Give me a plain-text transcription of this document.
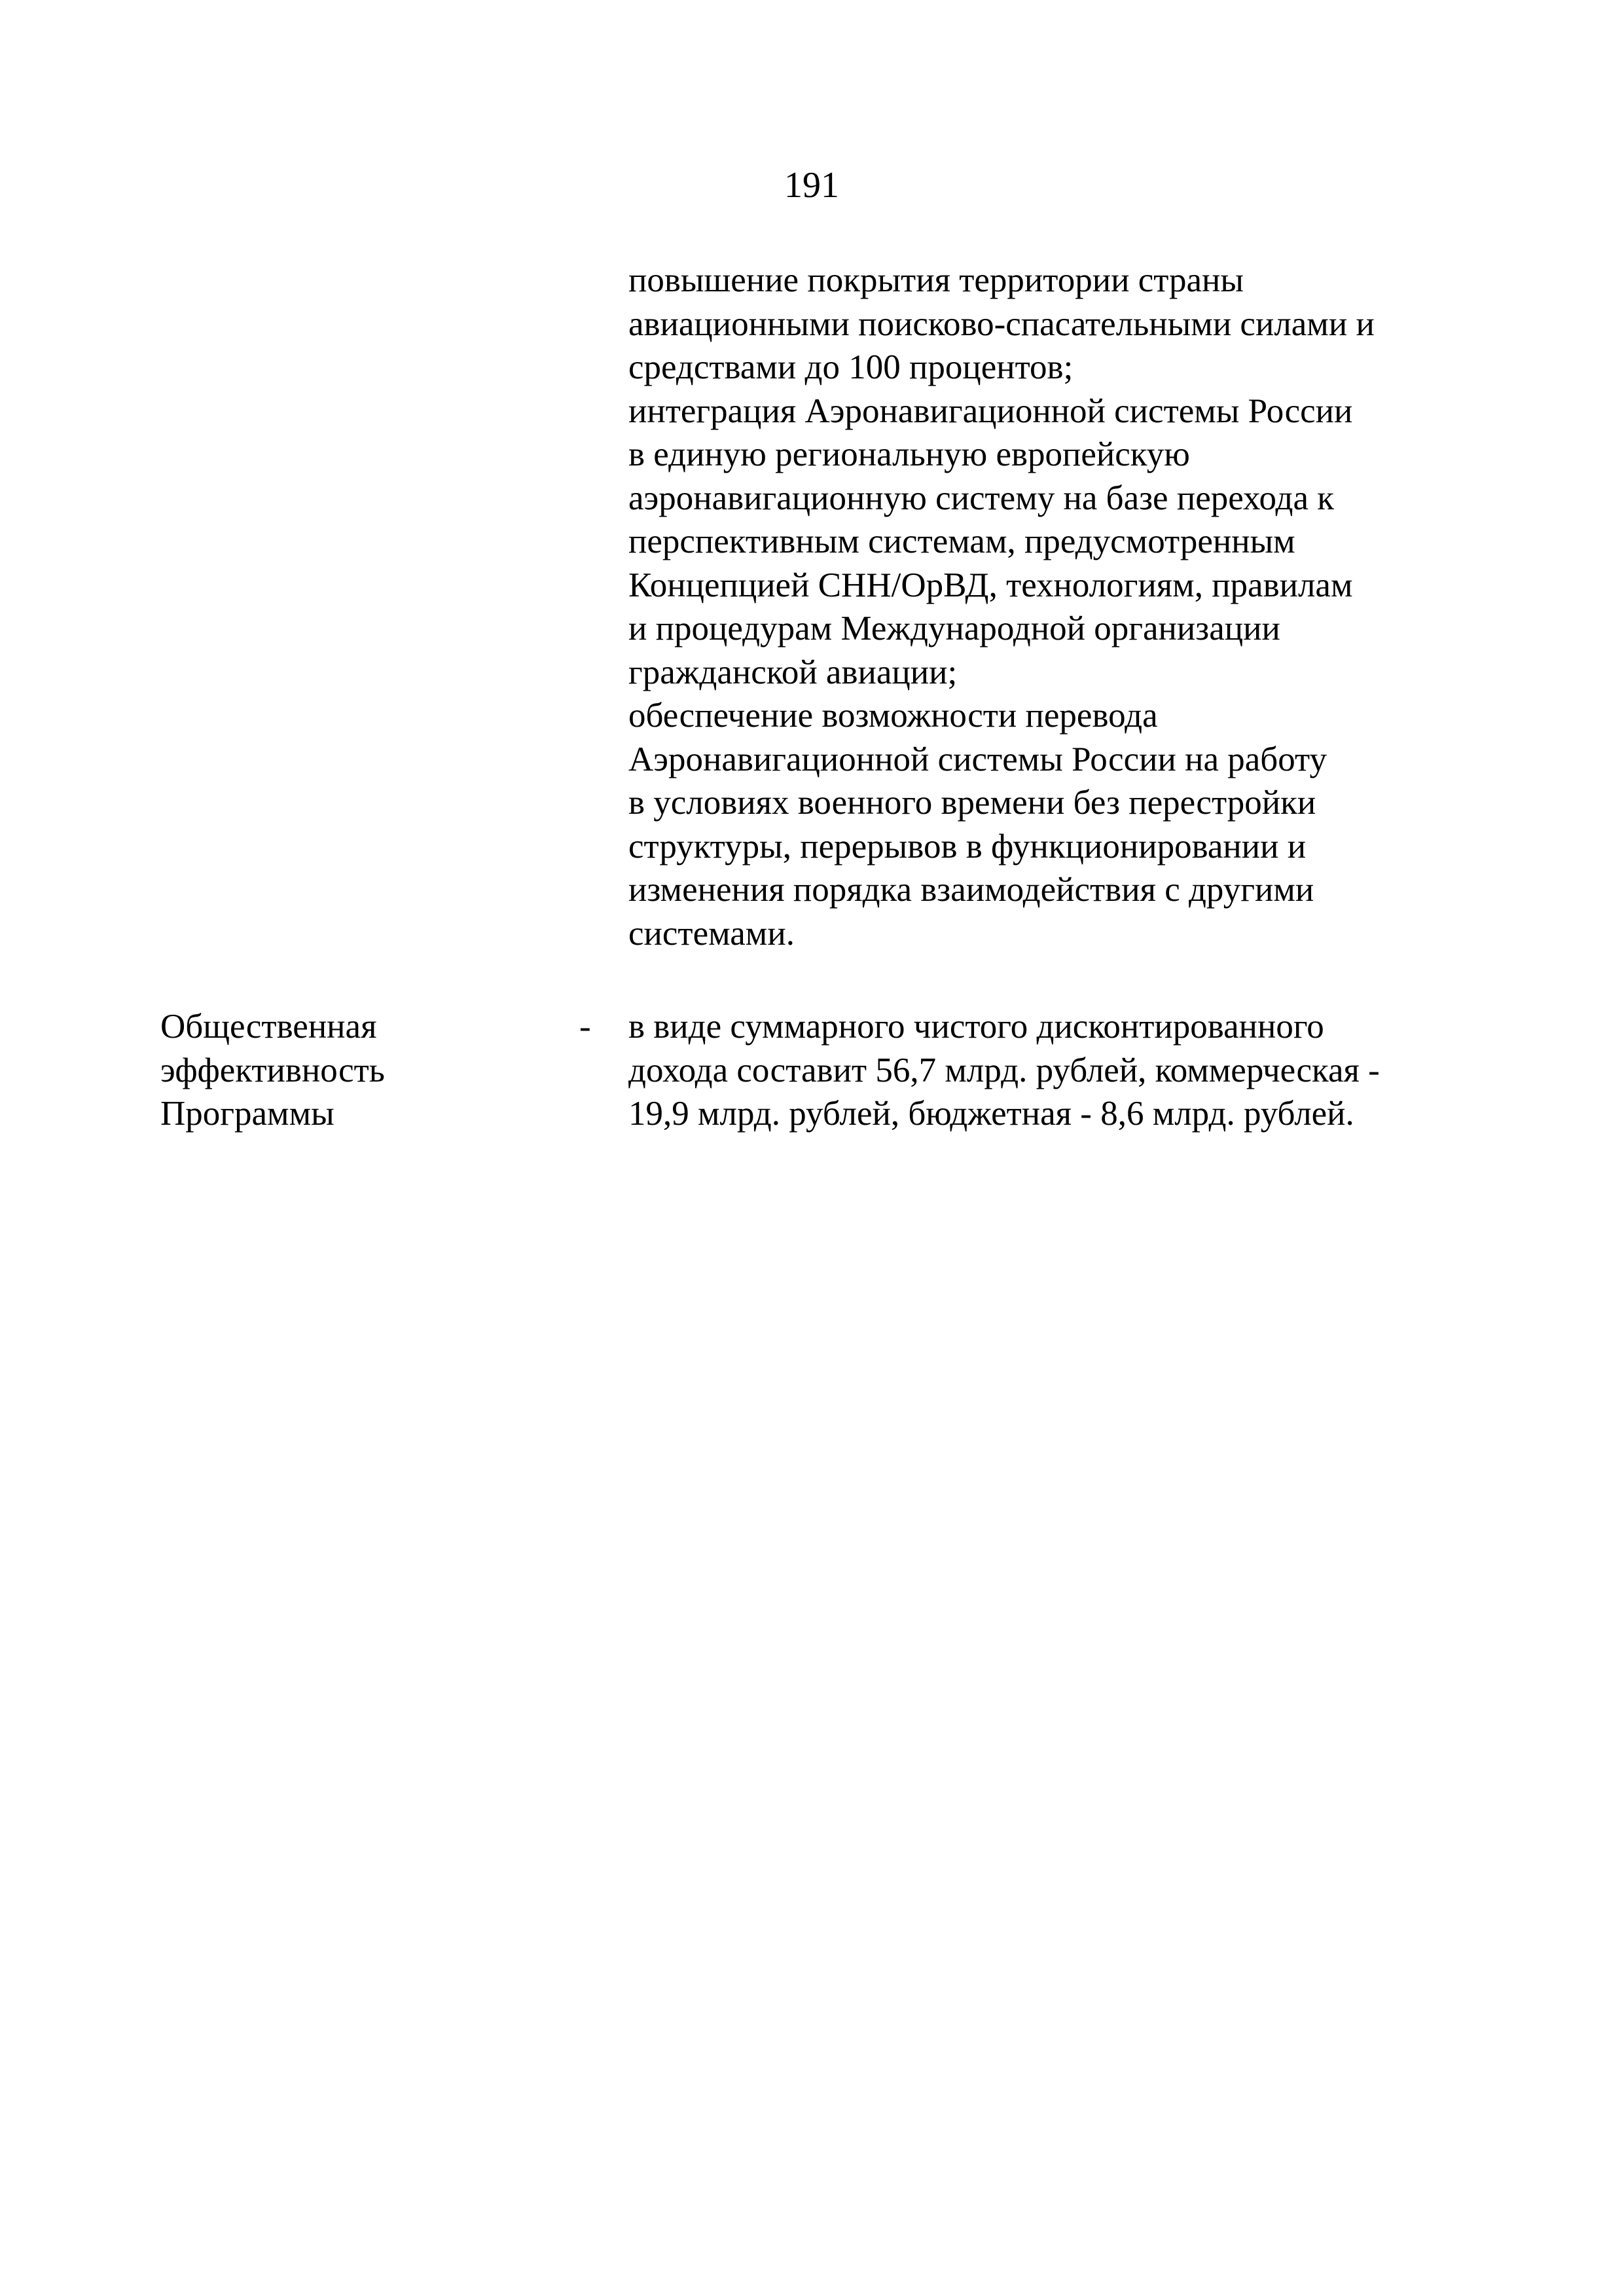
191
повышение покрытия территории страны
авиационными поисково-спасательными силами и
средствами до 100 процентов;
интеграция Аэронавигационной системы России
в единую региональную европейскую
аэронавигационную систему на базе перехода к
перспективным системам, предусмотренным
Концепцией СНН/ОрВД, технологиям, правилам
и процедурам Международной организации
гражданской авиации;
обеспечение возможности перевода
Аэронавигационной системы России на работу
в условиях военного времени без перестройки
структуры, перерывов в функционировании и
изменения порядка взаимодействия с другими
системами.
Общественная
эффективность
Программы
- в виде суммарного чистого дисконтированного
дохода составит 56,7 млрд. рублей, коммерческая -
19,9 млрд. рублей, бюджетная - 8,6 млрд. рублей.
